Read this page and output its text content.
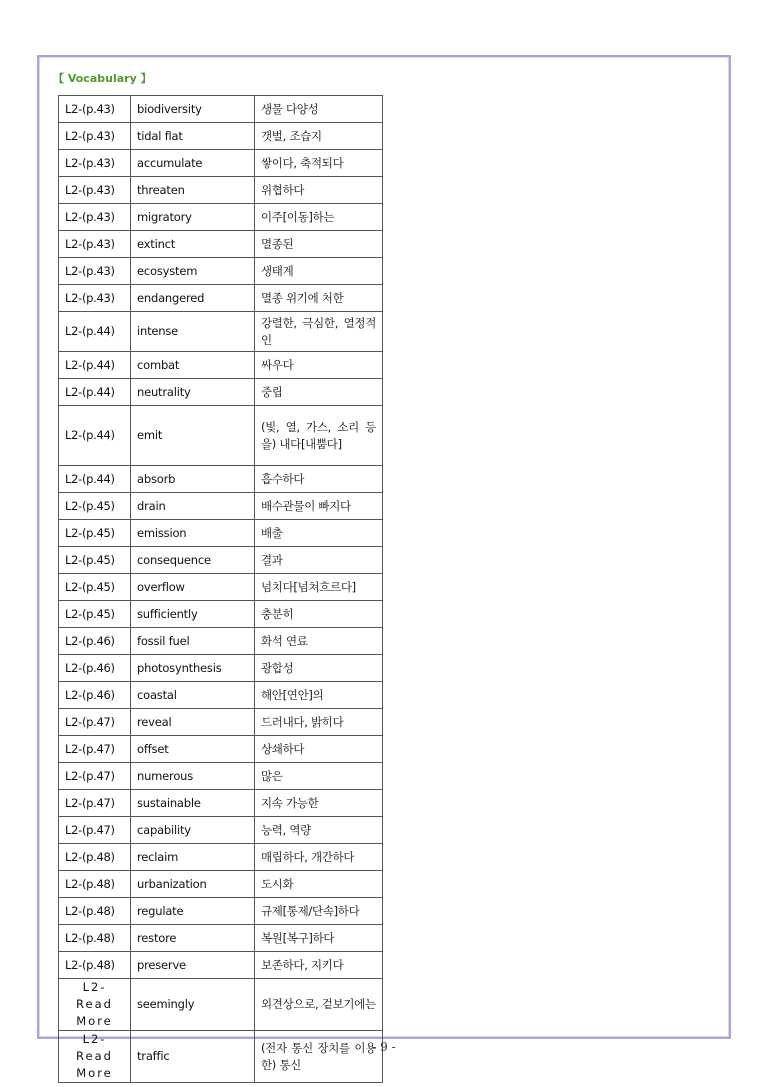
【 Vocabulary 】
L2-(p.43)	biodiversity	생물 다양성
L2-(p.43)	tidal flat	갯벌, 조습지
L2-(p.43)	accumulate	쌓이다, 축적되다
L2-(p.43)	threaten	위협하다
L2-(p.43)	migratory	이주[이동]하는
L2-(p.43)	extinct	멸종된
L2-(p.43)	ecosystem	생태계
L2-(p.43)	endangered	멸종 위기에 처한
L2-(p.44)	intense	강렬한, 극심한, 열정적인
L2-(p.44)	combat	싸우다
L2-(p.44)	neutrality	중립
L2-(p.44)	emit	(빛, 열, 가스, 소리 등을) 내다[내뿜다]
L2-(p.44)	absorb	흡수하다
L2-(p.45)	drain	배수관물이 빠지다
L2-(p.45)	emission	배출
L2-(p.45)	consequence	결과
L2-(p.45)	overflow	넘치다[넘쳐흐르다]
L2-(p.45)	sufficiently	충분히
L2-(p.46)	fossil fuel	화석 연료
L2-(p.46)	photosynthesis	광합성
L2-(p.46)	coastal	해안[연안]의
L2-(p.47)	reveal	드러내다, 밝히다
L2-(p.47)	offset	상쇄하다
L2-(p.47)	numerous	많은
L2-(p.47)	sustainable	지속 가능한
L2-(p.47)	capability	능력, 역량
L2-(p.48)	reclaim	매립하다, 개간하다
L2-(p.48)	urbanization	도시화
L2-(p.48)	regulate	규제[통제/단속]하다
L2-(p.48)	restore	복원[복구]하다
L2-(p.48)	preserve	보존하다, 지키다
L2-Read More	seemingly	외견상으로, 겉보기에는
L2-Read More	traffic	(전자 통신 장치를 이용한) 통신
- 9 -
